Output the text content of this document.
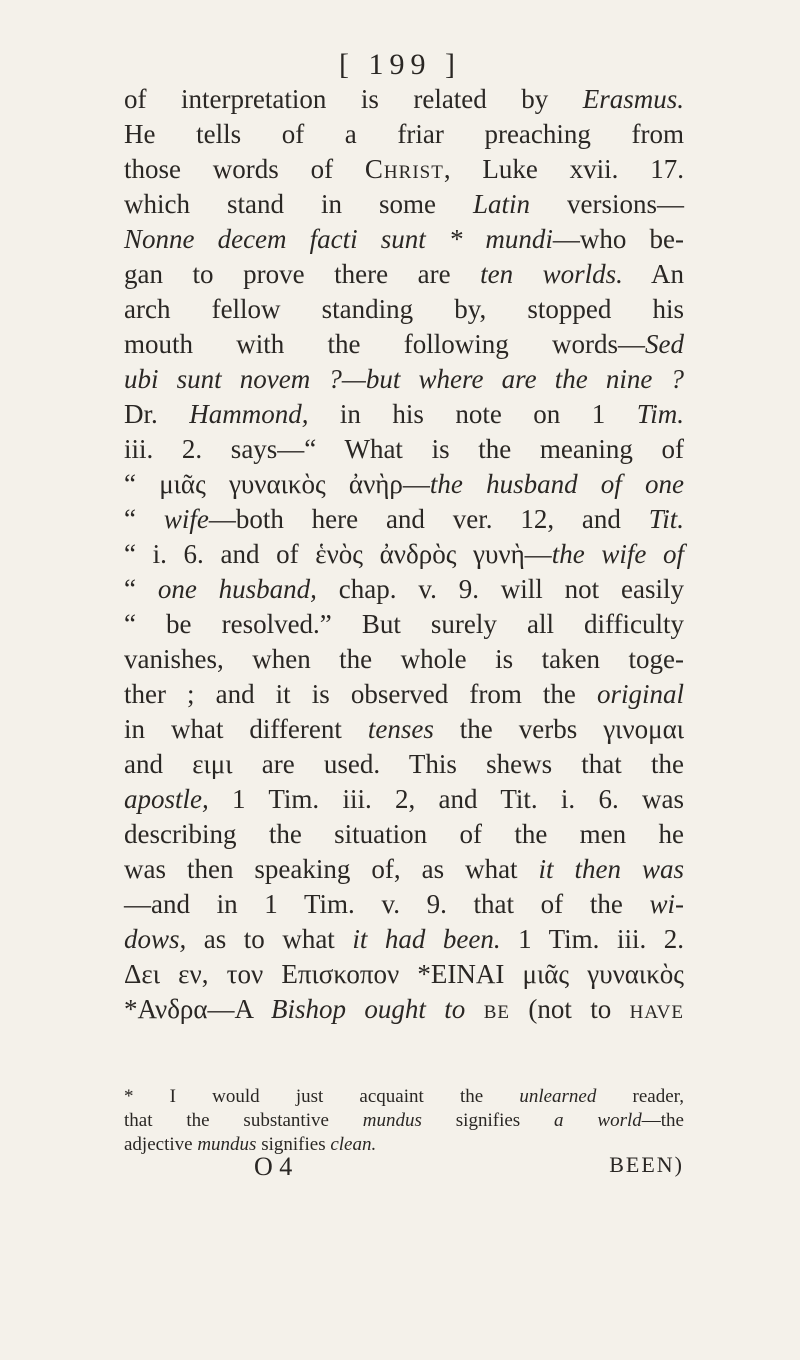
[ 199 ]
of interpretation is related by Erasmus.
He tells of a friar preaching from
those words of Christ, Luke xvii. 17.
which stand in some Latin versions—
Nonne decem facti sunt * mundi—who be-
gan to prove there are ten worlds. An
arch fellow standing by, stopped his
mouth with the following words—Sed
ubi sunt novem ?—but where are the nine ?
Dr. Hammond, in his note on 1 Tim.
iii. 2. says—“ What is the meaning of
“ μιᾶς γυναικὸς ἀνὴρ—the husband of one
“ wife—both here and ver. 12, and Tit.
“ i. 6. and of ἑνὸς ἀνδρὸς γυνὴ—the wife of
“ one husband, chap. v. 9. will not easily
“ be resolved.” But surely all difficulty
vanishes, when the whole is taken toge-
ther ; and it is observed from the original
in what different tenses the verbs γινομαι
and ειμι are used. This shews that the
apostle, 1 Tim. iii. 2, and Tit. i. 6. was
describing the situation of the men he
was then speaking of, as what it then was
—and in 1 Tim. v. 9. that of the wi-
dows, as to what it had been. 1 Tim. iii. 2.
Δει εν, τον Επισκοπον *ΕΙΝΑΙ μιᾶς γυναικὸς
*Ανδρα—A Bishop ought to be (not to have
* I would just acquaint the unlearned reader,
that the substantive mundus signifies a world—the
adjective mundus signifies clean.
O 4	BEEN)
